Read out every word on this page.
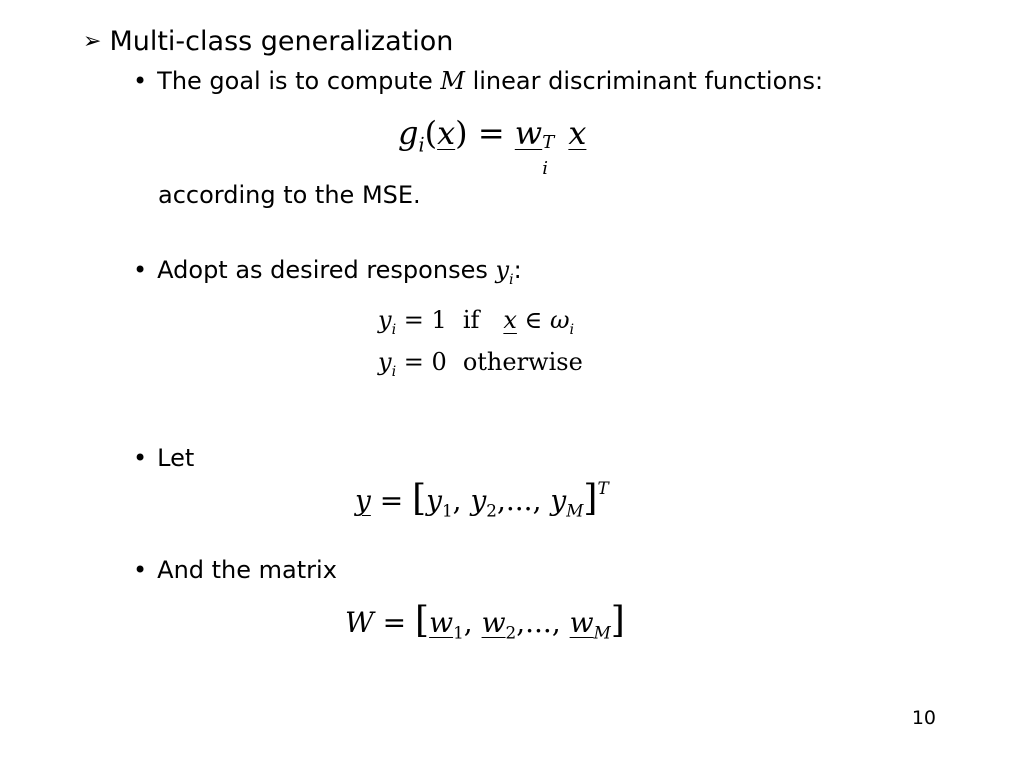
➢ Multi-class generalization
• The goal is to compute M linear discriminant functions:
$g_i(x) = w$ T
i
x
according to the MSE.
• Adopt as desired responses $y_i$:
$y_i = 1$ if x ∈ $\omega_i$
$y_i = 0$ otherwise
• Let
$y = [y_1$, $y_2$,..., $y_M]^T$
• And the matrix
$W = [w_1$, $w_2$,..., $w_M$]
10
